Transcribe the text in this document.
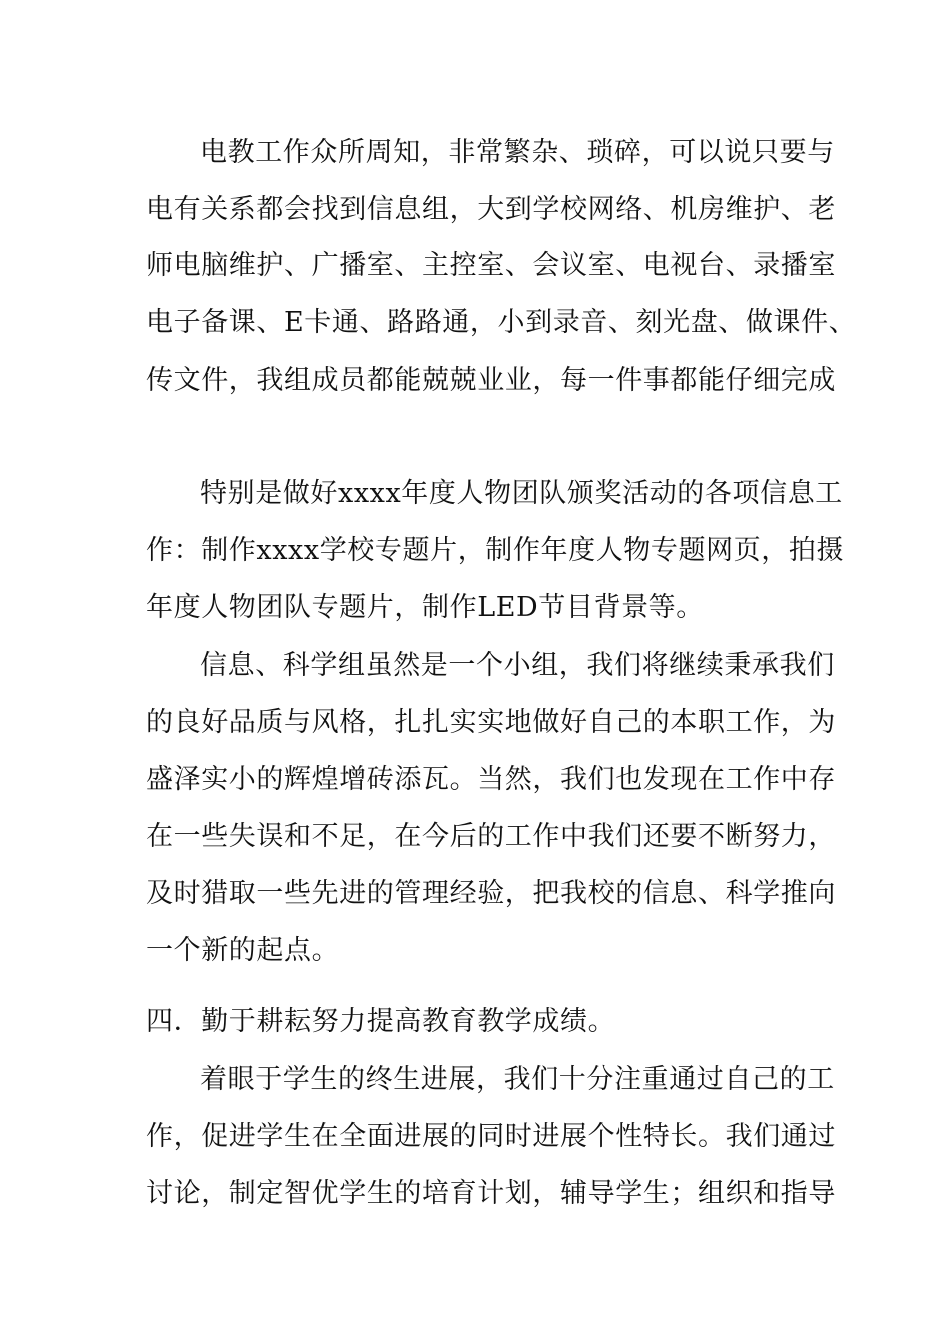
电教工作众所周知，非常繁杂、琐碎，可以说只要与
电有关系都会找到信息组，大到学校网络、机房维护、老
师电脑维护、广播室、主控室、会议室、电视台、录播室
电子备课、E卡通、路路通，小到录音、刻光盘、做课件、
传文件，我组成员都能兢兢业业，每一件事都能仔细完成
特别是做好xxxx年度人物团队颁奖活动的各项信息工
作：制作xxxx学校专题片，制作年度人物专题网页，拍摄
年度人物团队专题片，制作LED节目背景等。
信息、科学组虽然是一个小组，我们将继续秉承我们
的良好品质与风格，扎扎实实地做好自己的本职工作，为
盛泽实小的辉煌增砖添瓦。当然，我们也发现在工作中存
在一些失误和不足，在今后的工作中我们还要不断努力，
及时猎取一些先进的管理经验，把我校的信息、科学推向
一个新的起点。
四．勤于耕耘努力提高教育教学成绩。
着眼于学生的终生进展，我们十分注重通过自己的工
作，促进学生在全面进展的同时进展个性特长。我们通过
讨论，制定智优学生的培育计划，辅导学生；组织和指导
